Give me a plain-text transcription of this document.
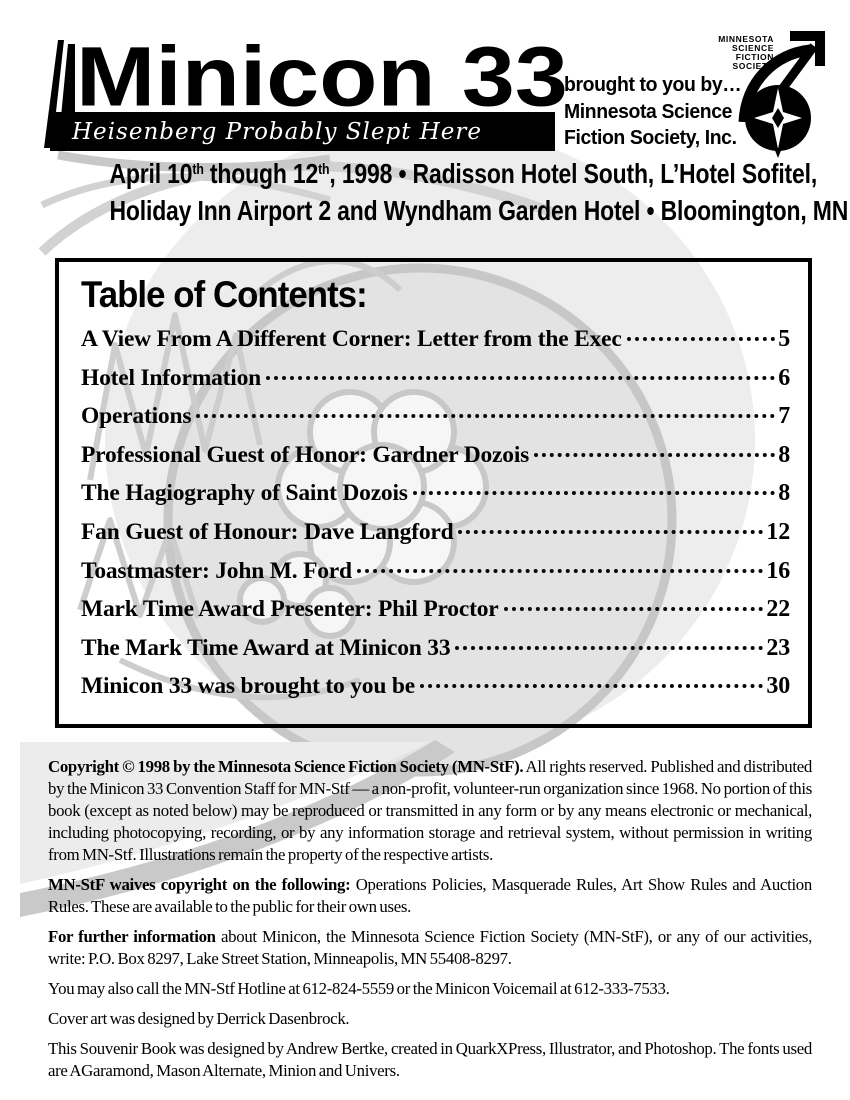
Minicon 33
Heisenberg Probably Slept Here
brought to you by…
Minnesota Science
Fiction Society, Inc.
MINNESOTA
SCIENCE
FICTION
SOCIETY
April 10th though 12th, 1998 • Radisson Hotel South, L’Hotel Sofitel,
Holiday Inn Airport 2 and Wyndham Garden Hotel • Bloomington, MN
Table of Contents:
A View From A Different Corner: Letter from the Exec	5
Hotel Information	6
Operations	7
Professional Guest of Honor: Gardner Dozois	8
The Hagiography of Saint Dozois	8
Fan Guest of Honour: Dave Langford	12
Toastmaster: John M. Ford	16
Mark Time Award Presenter: Phil Proctor	22
The Mark Time Award at Minicon 33	23
Minicon 33 was brought to you be	30

Copyright © 1998 by the Minnesota Science Fiction Society (MN-StF). All rights reserved. Published and distributed by the Minicon 33 Convention Staff for MN-Stf — a non-profit, volunteer-run organization since 1968. No portion of this book (except as noted below) may be reproduced or transmitted in any form or by any means electronic or mechanical, including photocopying, recording, or by any information storage and retrieval system, without permission in writing from MN-Stf. Illustrations remain the property of the respective artists.

MN-StF waives copyright on the following: Operations Policies, Masquerade Rules, Art Show Rules and Auction Rules. These are available to the public for their own uses.

For further information about Minicon, the Minnesota Science Fiction Society (MN-StF), or any of our activities, write: P.O. Box 8297, Lake Street Station, Minneapolis, MN 55408-8297.

You may also call the MN-Stf Hotline at 612-824-5559 or the Minicon Voicemail at 612-333-7533.

Cover art was designed by Derrick Dasenbrock.

This Souvenir Book was designed by Andrew Bertke, created in QuarkXPress, Illustrator, and Photoshop. The fonts used are AGaramond, Mason Alternate, Minion and Univers.
